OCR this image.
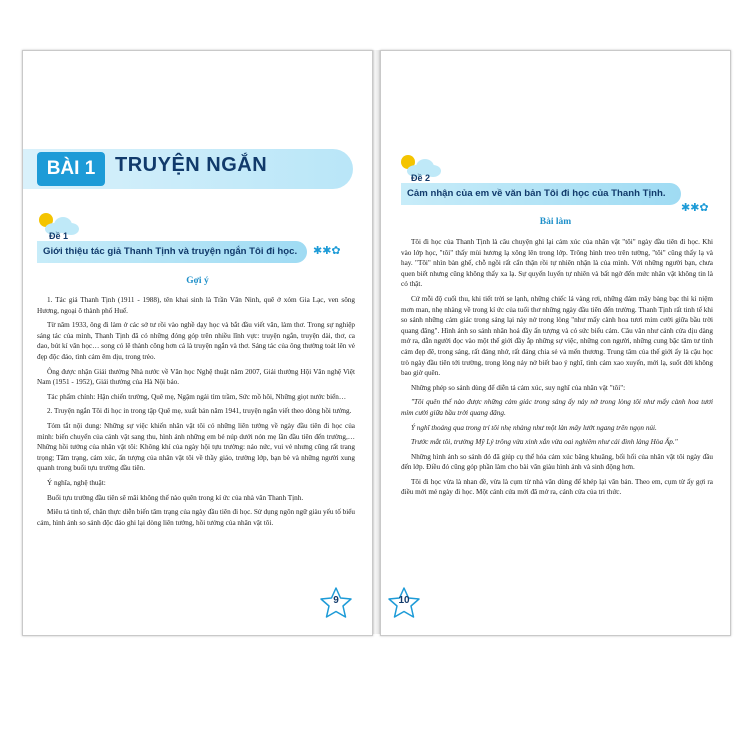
BÀI 1 TRUYỆN NGẮN
Đề 1
Giới thiệu tác giả Thanh Tịnh và truyện ngắn Tôi đi học. ✱✱✿
Gợi ý

1. Tác giả Thanh Tịnh (1911 - 1988), tên khai sinh là Trần Văn Ninh, quê ở xóm Gia Lạc, ven sông Hương, ngoại ô thành phố Huế.

Từ năm 1933, ông đi làm ở các sở tư rồi vào nghề dạy học và bắt đầu viết văn, làm thơ. Trong sự nghiệp sáng tác của mình, Thanh Tịnh đã có những đóng góp trên nhiều lĩnh vực: truyện ngắn, truyện dài, thơ, ca dao, bút kí văn học… song có lẽ thành công hơn cả là truyện ngắn và thơ. Sáng tác của ông thường toát lên vẻ đẹp độc đáo, tình cảm êm dịu, trong trẻo.

Ông được nhận Giải thưởng Nhà nước về Văn học Nghệ thuật năm 2007, Giải thưởng Hội Văn nghệ Việt Nam (1951 - 1952), Giải thưởng của Hà Nội bảo.

Tác phẩm chính: Hận chiến trường, Quê mẹ, Ngậm ngải tìm trầm, Sức mồ hôi, Những giọt nước biển…

2. Truyện ngắn Tôi đi học in trong tập Quê mẹ, xuất bản năm 1941, truyện ngắn viết theo dòng hồi tưởng.

Tóm tắt nội dung: Những sự việc khiến nhân vật tôi có những liên tưởng về ngày đầu tiên đi học của mình: biến chuyển của cảnh vật sang thu, hình ảnh những em bé núp dưới nón mẹ lần đầu tiên đến trường,… Những hồi tưởng của nhân vật tôi: Không khí của ngày hội tựu trường: náo nức, vui vẻ nhưng cũng rất trang trọng; Tâm trạng, cảm xúc, ấn tượng của nhân vật tôi về thầy giáo, trường lớp, bạn bè và những người xung quanh trong buổi tựu trường đầu tiên.

Ý nghĩa, nghệ thuật:

Buổi tựu trường đầu tiên sẽ mãi không thể nào quên trong kí ức của nhà văn Thanh Tịnh.

Miêu tả tinh tế, chân thực diễn biến tâm trạng của ngày đầu tiên đi học. Sử dụng ngôn ngữ giàu yếu tố biểu cảm, hình ảnh so sánh độc đáo ghi lại dòng liên tưởng, hồi tưởng của nhân vật tôi.

9
Đề 2
Cảm nhận của em về văn bản Tôi đi học của Thanh Tịnh.
✱✱✿
Bài làm

Tôi đi học của Thanh Tịnh là câu chuyện ghi lại cảm xúc của nhân vật "tôi" ngày đầu tiên đi học. Khi vào lớp học, "tôi" thấy mùi hương lạ xông lên trong lớp. Trông hình treo trên tường, "tôi" cũng thấy lạ và hay. "Tôi" nhìn bàn ghế, chỗ ngồi rất cẩn thận rồi tự nhiên nhận là của mình. Với những người bạn, chưa quen biết nhưng cũng không thấy xa lạ. Sự quyến luyến tự nhiên và bất ngờ đến mức nhân vật không tin là có thật.

Cứ mỗi độ cuối thu, khi tiết trời se lạnh, những chiếc lá vàng rơi, những đám mây bàng bạc thì kỉ niệm mơn man, nhẹ nhàng về trong kí ức của tuổi thơ những ngày đầu tiên đến trường. Thanh Tịnh rất tinh tế khi so sánh những cảm giác trong sáng lại nảy nở trong lòng "như mấy cành hoa tươi mỉm cười giữa bầu trời quang đãng". Hình ảnh so sánh nhân hoá đầy ấn tượng và có sức biểu cảm. Câu văn như cánh cửa dịu dàng mở ra, dẫn người đọc vào một thế giới đầy ắp những sự việc, những con người, những cung bậc tâm tư tình cảm đẹp đẽ, trong sáng, rất đáng nhớ, rất đáng chia sẻ và mến thương. Trung tâm của thế giới ấy là cậu học trò ngày đầu tiên tới trường, trong lòng nảy nở biết bao ý nghĩ, tình cảm xao xuyến, mới lạ, suốt đời không bao giờ quên.

Những phép so sánh dùng để diễn tả cảm xúc, suy nghĩ của nhân vật "tôi":

"Tôi quên thế nào được những cảm giác trong sáng ấy nảy nở trong lòng tôi như mấy cành hoa tươi mỉm cười giữa bầu trời quang đãng.

Ý nghĩ thoáng qua trong trí tôi nhẹ nhàng như một làn mây lướt ngang trên ngọn núi.

Trước mắt tôi, trường Mỹ Lý trông vừa xinh xắn vừa oai nghiêm như cái đình làng Hòa Ấp."

Những hình ảnh so sánh đó đã giúp cụ thể hóa cảm xúc bâng khuâng, bối hối của nhân vật tôi ngày đầu đến lớp. Điều đó cũng góp phần làm cho bài văn giàu hình ảnh và sinh động hơn.

Tôi đi học vừa là nhan đề, vừa là cụm từ nhà văn dùng để khép lại văn bản. Theo em, cụm từ ấy gợi ra điều mới mẻ ngày đi học. Một cánh cửa mới đã mở ra, cánh cửa của tri thức.

10
